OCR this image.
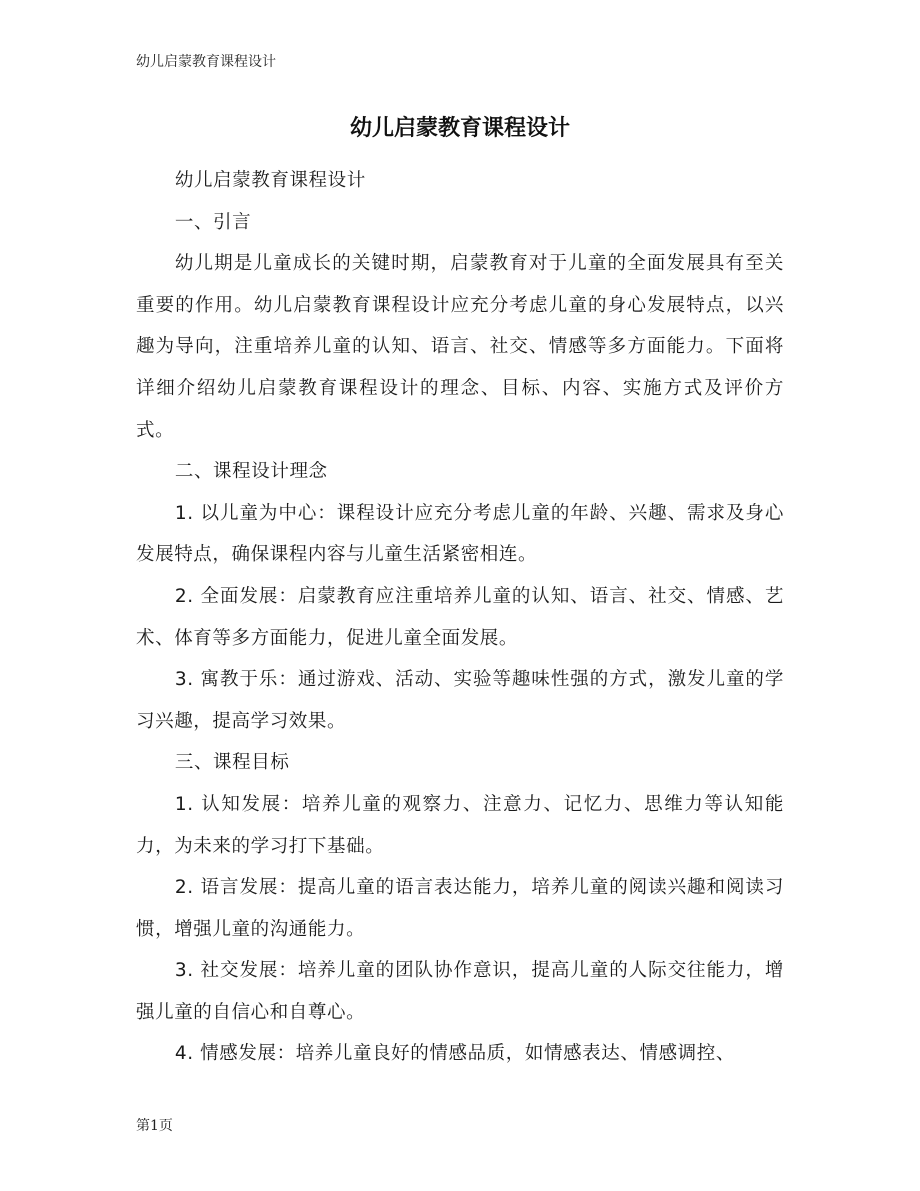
幼儿启蒙教育课程设计
幼儿启蒙教育课程设计

幼儿启蒙教育课程设计

一、引言

幼儿期是儿童成长的关键时期，启蒙教育对于儿童的全面发展具有至关重要的作用。幼儿启蒙教育课程设计应充分考虑儿童的身心发展特点，以兴趣为导向，注重培养儿童的认知、语言、社交、情感等多方面能力。下面将详细介绍幼儿启蒙教育课程设计的理念、目标、内容、实施方式及评价方式。

二、课程设计理念

1. 以儿童为中心：课程设计应充分考虑儿童的年龄、兴趣、需求及身心发展特点，确保课程内容与儿童生活紧密相连。

2. 全面发展：启蒙教育应注重培养儿童的认知、语言、社交、情感、艺术、体育等多方面能力，促进儿童全面发展。

3. 寓教于乐：通过游戏、活动、实验等趣味性强的方式，激发儿童的学习兴趣，提高学习效果。

三、课程目标

1. 认知发展：培养儿童的观察力、注意力、记忆力、思维力等认知能力，为未来的学习打下基础。

2. 语言发展：提高儿童的语言表达能力，培养儿童的阅读兴趣和阅读习惯，增强儿童的沟通能力。

3. 社交发展：培养儿童的团队协作意识，提高儿童的人际交往能力，增强儿童的自信心和自尊心。

4. 情感发展：培养儿童良好的情感品质，如情感表达、情感调控、

第1页
